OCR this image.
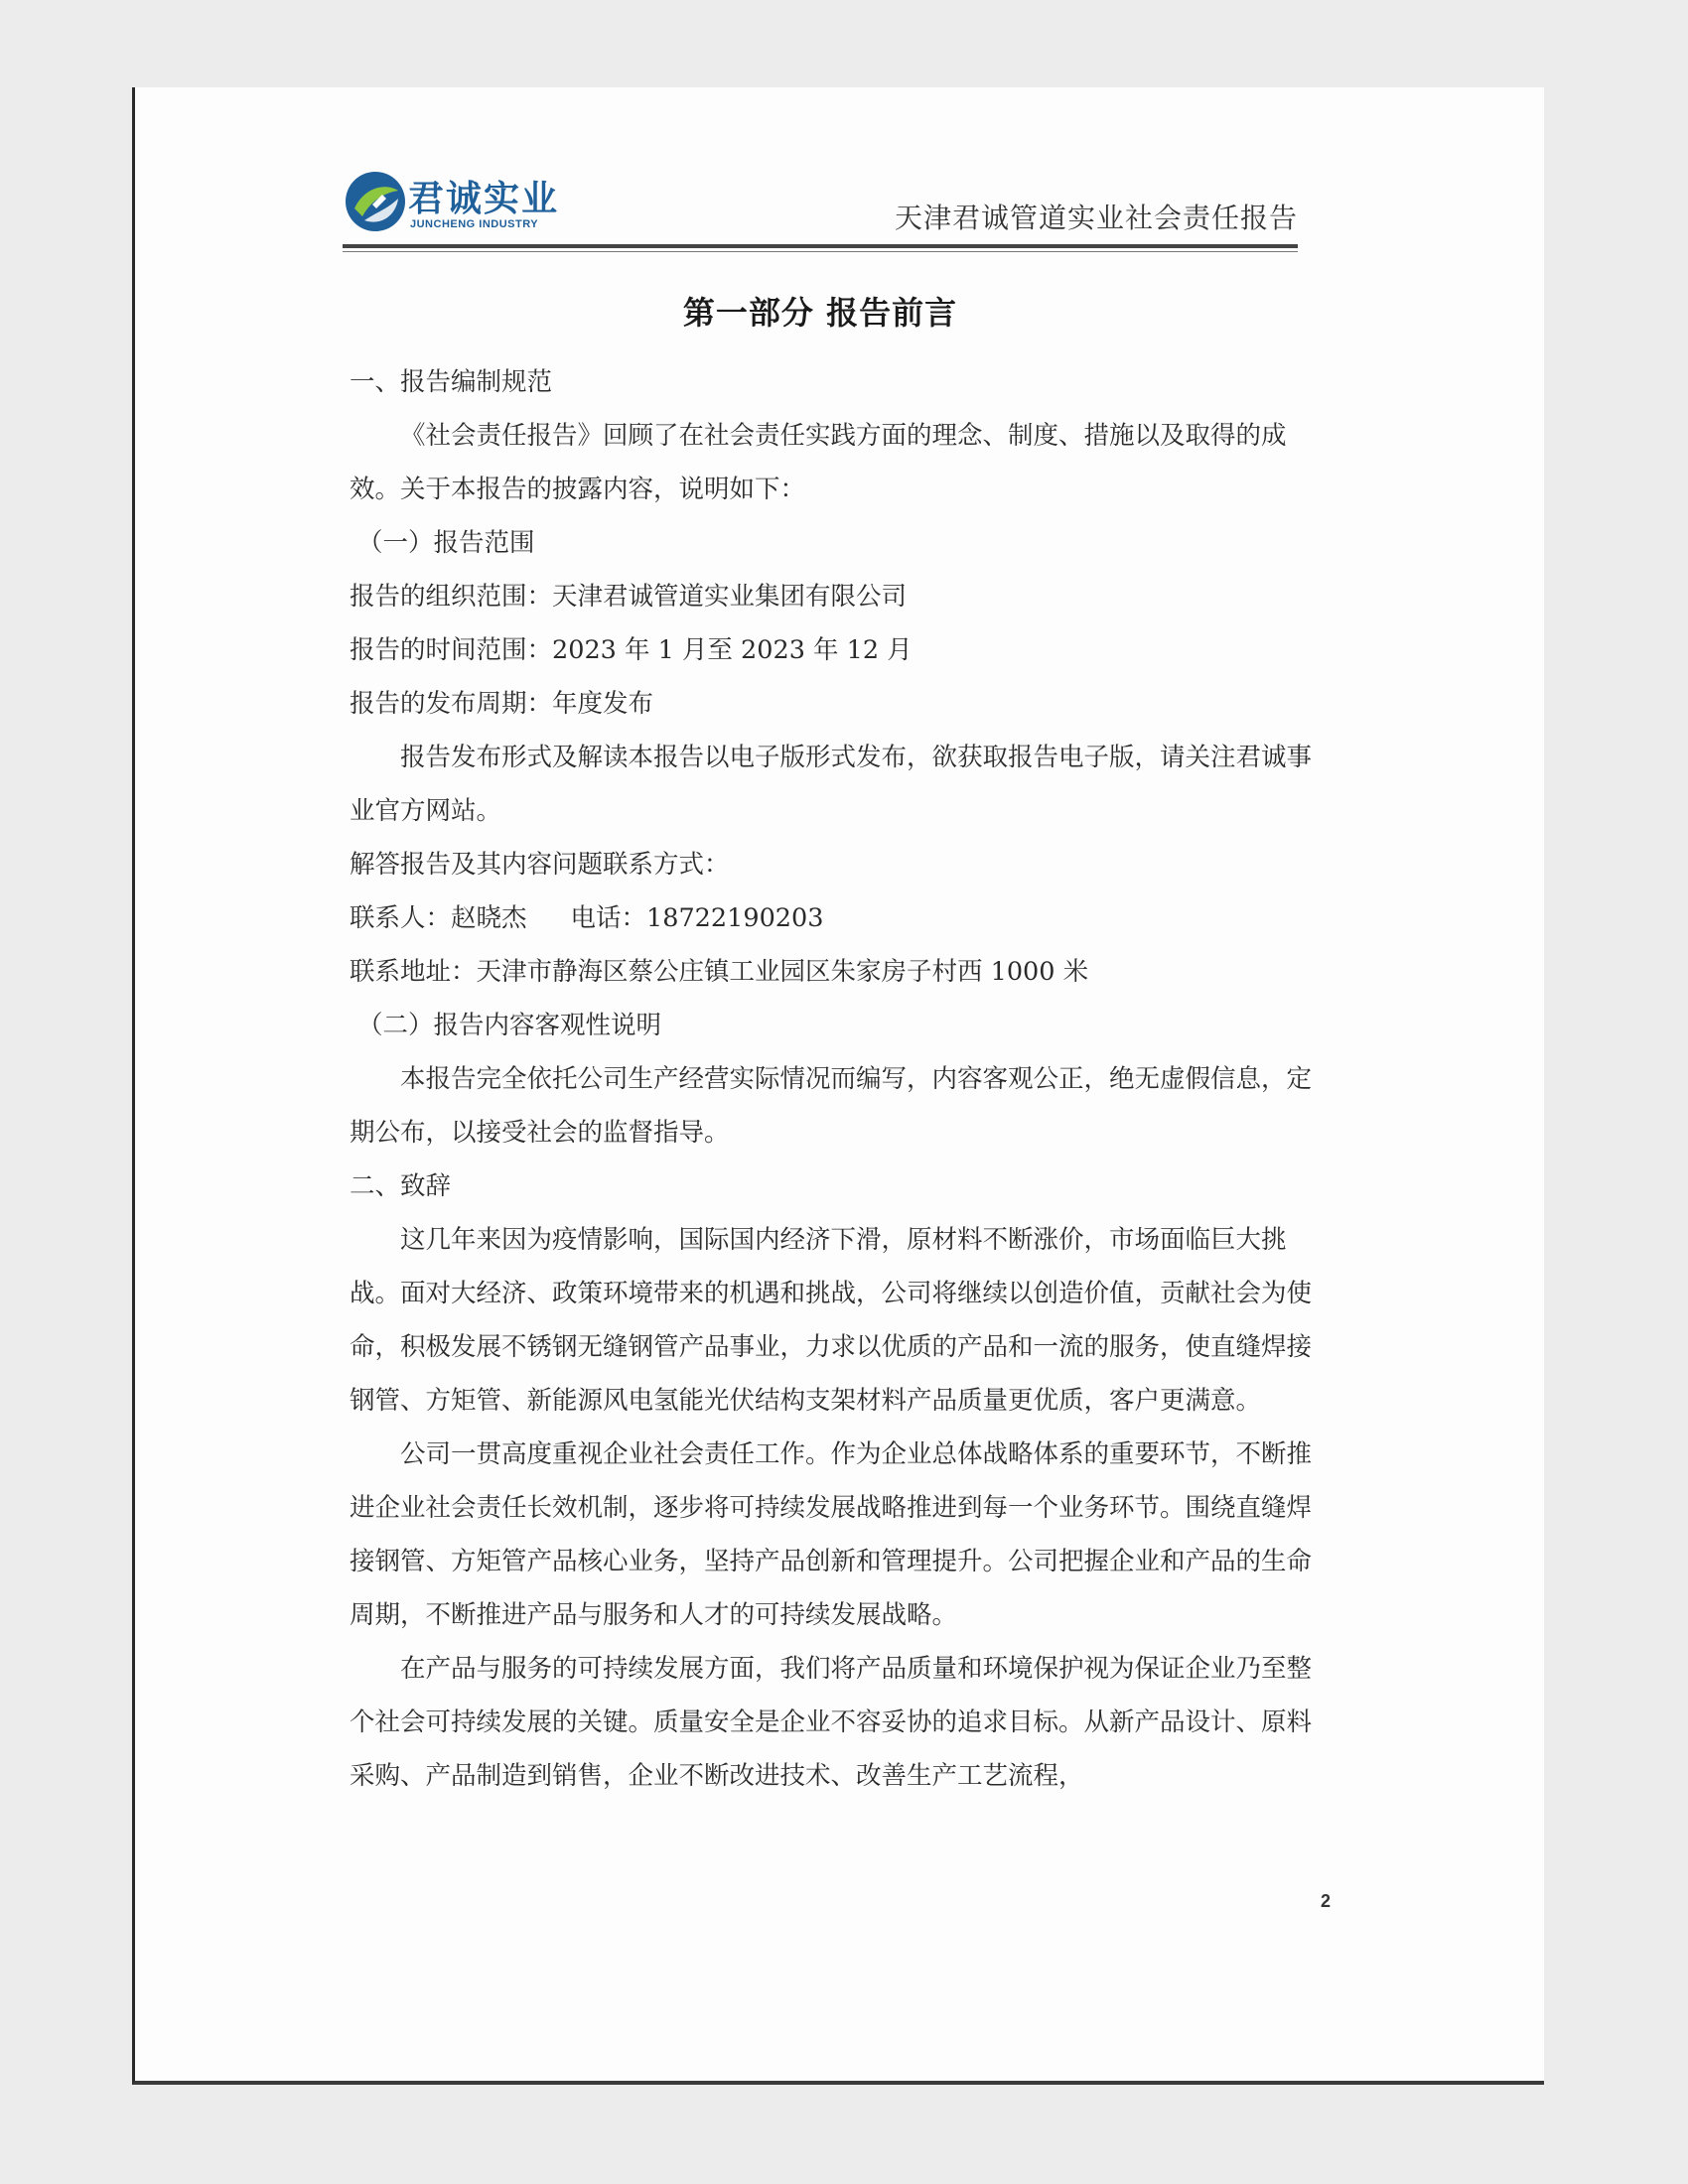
君诚实业
JUNCHENG INDUSTRY	天津君诚管道实业社会责任报告
第一部分 报告前言

一、报告编制规范

《社会责任报告》回顾了在社会责任实践方面的理念、制度、措施以及取得的成效。关于本报告的披露内容，说明如下：

（一）报告范围

报告的组织范围：天津君诚管道实业集团有限公司

报告的时间范围：2023 年 1 月至 2023 年 12 月

报告的发布周期：年度发布

报告发布形式及解读本报告以电子版形式发布，欲获取报告电子版，请关注君诚事业官方网站。

解答报告及其内容问题联系方式：

联系人：赵晓杰 电话：18722190203

联系地址：天津市静海区蔡公庄镇工业园区朱家房子村西 1000 米

（二）报告内容客观性说明

本报告完全依托公司生产经营实际情况而编写，内容客观公正，绝无虚假信息，定期公布，以接受社会的监督指导。

二、致辞

这几年来因为疫情影响，国际国内经济下滑，原材料不断涨价，市场面临巨大挑战。面对大经济、政策环境带来的机遇和挑战，公司将继续以创造价值，贡献社会为使命，积极发展不锈钢无缝钢管产品事业，力求以优质的产品和一流的服务，使直缝焊接钢管、方矩管、新能源风电氢能光伏结构支架材料产品质量更优质，客户更满意。

公司一贯高度重视企业社会责任工作。作为企业总体战略体系的重要环节，不断推进企业社会责任长效机制，逐步将可持续发展战略推进到每一个业务环节。围绕直缝焊接钢管、方矩管产品核心业务，坚持产品创新和管理提升。公司把握企业和产品的生命周期，不断推进产品与服务和人才的可持续发展战略。

在产品与服务的可持续发展方面，我们将产品质量和环境保护视为保证企业乃至整个社会可持续发展的关键。质量安全是企业不容妥协的追求目标。从新产品设计、原料采购、产品制造到销售，企业不断改进技术、改善生产工艺流程，

2
